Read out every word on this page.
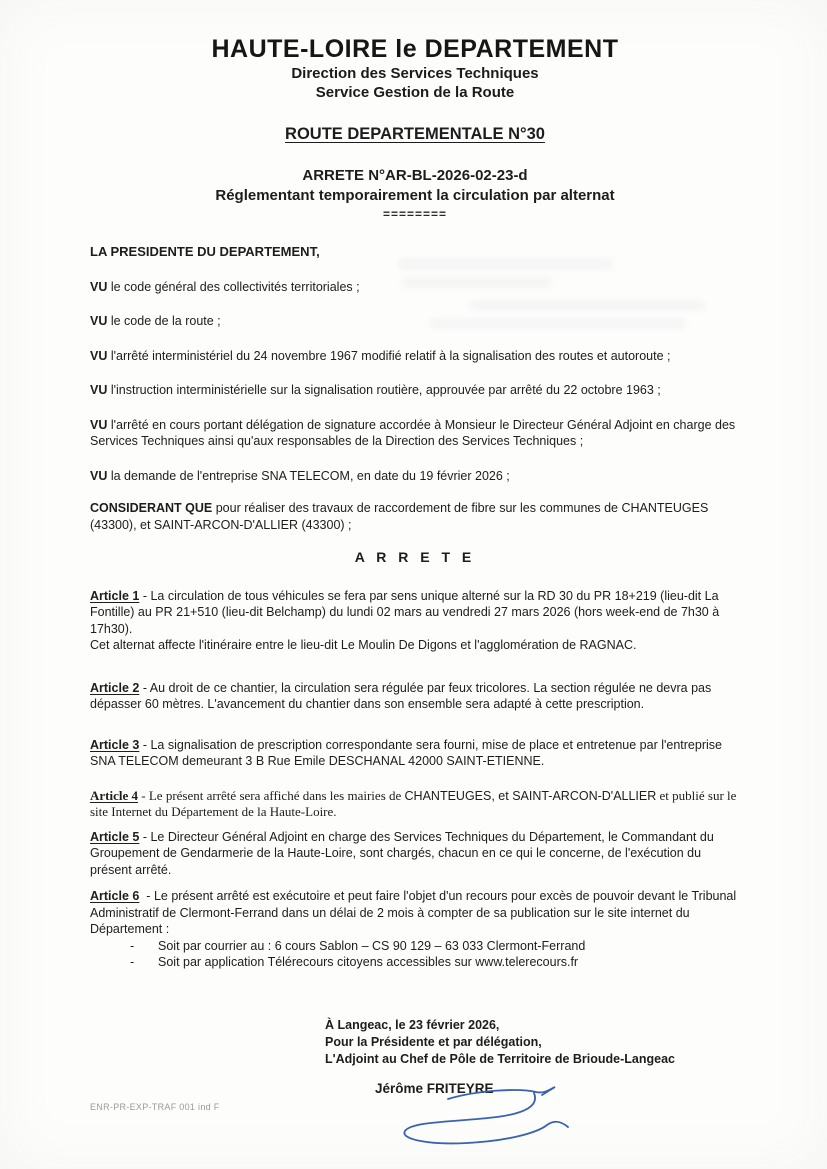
HAUTE-LOIRE le DEPARTEMENT
Direction des Services Techniques
Service Gestion de la Route
ROUTE DEPARTEMENTALE N°30
ARRETE N°AR-BL-2026-02-23-d
Réglementant temporairement la circulation par alternat
========
LA PRESIDENTE DU DEPARTEMENT,

VU le code général des collectivités territoriales ;

VU le code de la route ;

VU l'arrêté interministériel du 24 novembre 1967 modifié relatif à la signalisation des routes et autoroute ;

VU l'instruction interministérielle sur la signalisation routière, approuvée par arrêté du 22 octobre 1963 ;

VU l'arrêté en cours portant délégation de signature accordée à Monsieur le Directeur Général Adjoint en charge des Services Techniques ainsi qu'aux responsables de la Direction des Services Techniques ;

VU la demande de l'entreprise SNA TELECOM, en date du 19 février 2026 ;

CONSIDERANT QUE pour réaliser des travaux de raccordement de fibre sur les communes de CHANTEUGES (43300), et SAINT-ARCON-D'ALLIER (43300) ;

A R R E T E

Article 1 - La circulation de tous véhicules se fera par sens unique alterné sur la RD 30 du PR 18+219 (lieu-dit La Fontille) au PR 21+510 (lieu-dit Belchamp) du lundi 02 mars au vendredi 27 mars 2026 (hors week-end de 7h30 à 17h30).

Cet alternat affecte l'itinéraire entre le lieu-dit Le Moulin De Digons et l'agglomération de RAGNAC.

Article 2 - Au droit de ce chantier, la circulation sera régulée par feux tricolores. La section régulée ne devra pas dépasser 60 mètres. L'avancement du chantier dans son ensemble sera adapté à cette prescription.

Article 3 - La signalisation de prescription correspondante sera fourni, mise de place et entretenue par l'entreprise SNA TELECOM demeurant 3 B Rue Emile DESCHANAL 42000 SAINT-ETIENNE.

Article 4 - Le présent arrêté sera affiché dans les mairies de CHANTEUGES, et SAINT-ARCON-D'ALLIER et publié sur le site Internet du Département de la Haute-Loire.

Article 5 - Le Directeur Général Adjoint en charge des Services Techniques du Département, le Commandant du Groupement de Gendarmerie de la Haute-Loire, sont chargés, chacun en ce qui le concerne, de l'exécution du présent arrêté.

Article 6 - Le présent arrêté est exécutoire et peut faire l'objet d'un recours pour excès de pouvoir devant le Tribunal Administratif de Clermont-Ferrand dans un délai de 2 mois à compter de sa publication sur le site internet du Département :

-	Soit par courrier au : 6 cours Sablon – CS 90 129 – 63 033 Clermont-Ferrand
-	Soit par application Télérecours citoyens accessibles sur www.telerecours.fr
À Langeac, le 23 février 2026,
Pour la Présidente et par délégation,
L'Adjoint au Chef de Pôle de Territoire de Brioude-Langeac
Jérôme FRITEYRE
ENR-PR-EXP-TRAF 001 ind F
